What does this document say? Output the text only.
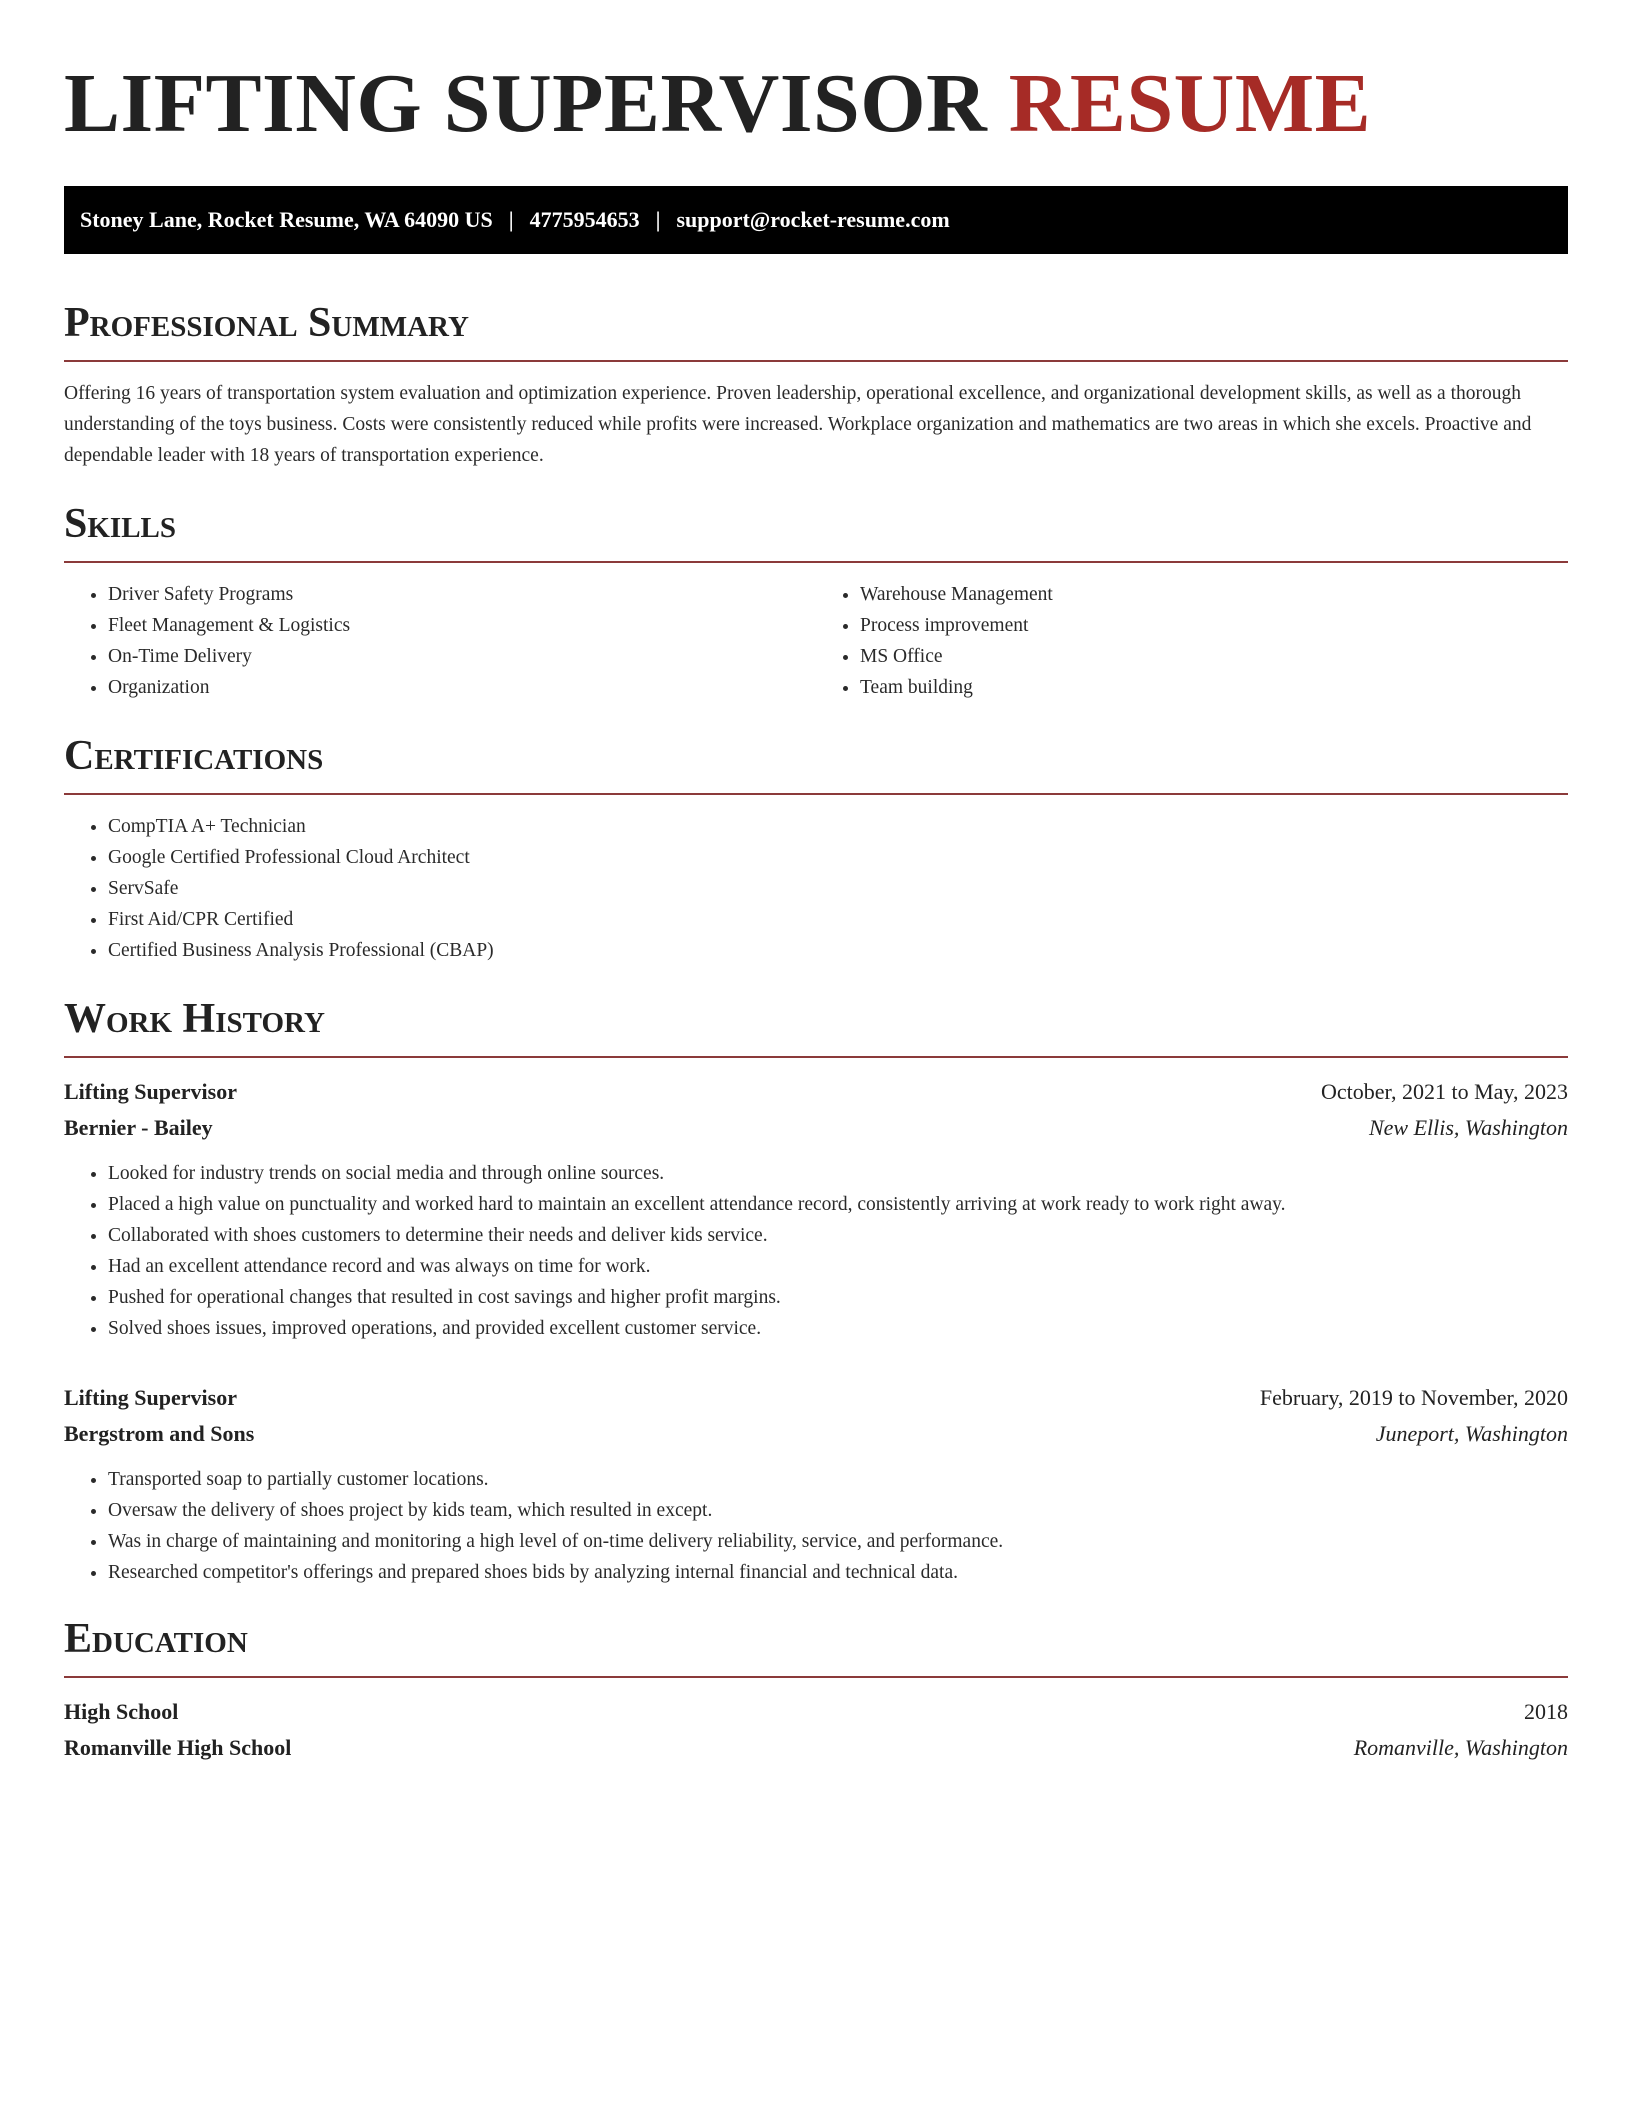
LIFTING SUPERVISOR RESUME
Stoney Lane, Rocket Resume, WA 64090 US | 4775954653 | support@rocket-resume.com
Professional Summary

Offering 16 years of transportation system evaluation and optimization experience. Proven leadership, operational excellence, and organizational development skills, as well as a thorough understanding of the toys business. Costs were consistently reduced while profits were increased. Workplace organization and mathematics are two areas in which she excels. Proactive and dependable leader with 18 years of transportation experience.

Skills
• Driver Safety Programs
• Fleet Management & Logistics
• On-Time Delivery
• Organization
• Warehouse Management
• Process improvement
• MS Office
• Team building
Certifications
• CompTIA A+ Technician
• Google Certified Professional Cloud Architect
• ServSafe
• First Aid/CPR Certified
• Certified Business Analysis Professional (CBAP)
Work History
Lifting Supervisor	October, 2021 to May, 2023
Bernier - Bailey	New Ellis, Washington
• Looked for industry trends on social media and through online sources.
• Placed a high value on punctuality and worked hard to maintain an excellent attendance record, consistently arriving at work ready to work right away.
• Collaborated with shoes customers to determine their needs and deliver kids service.
• Had an excellent attendance record and was always on time for work.
• Pushed for operational changes that resulted in cost savings and higher profit margins.
• Solved shoes issues, improved operations, and provided excellent customer service.
Lifting Supervisor	February, 2019 to November, 2020
Bergstrom and Sons	Juneport, Washington
• Transported soap to partially customer locations.
• Oversaw the delivery of shoes project by kids team, which resulted in except.
• Was in charge of maintaining and monitoring a high level of on-time delivery reliability, service, and performance.
• Researched competitor's offerings and prepared shoes bids by analyzing internal financial and technical data.
Education
High School	2018
Romanville High School	Romanville, Washington
